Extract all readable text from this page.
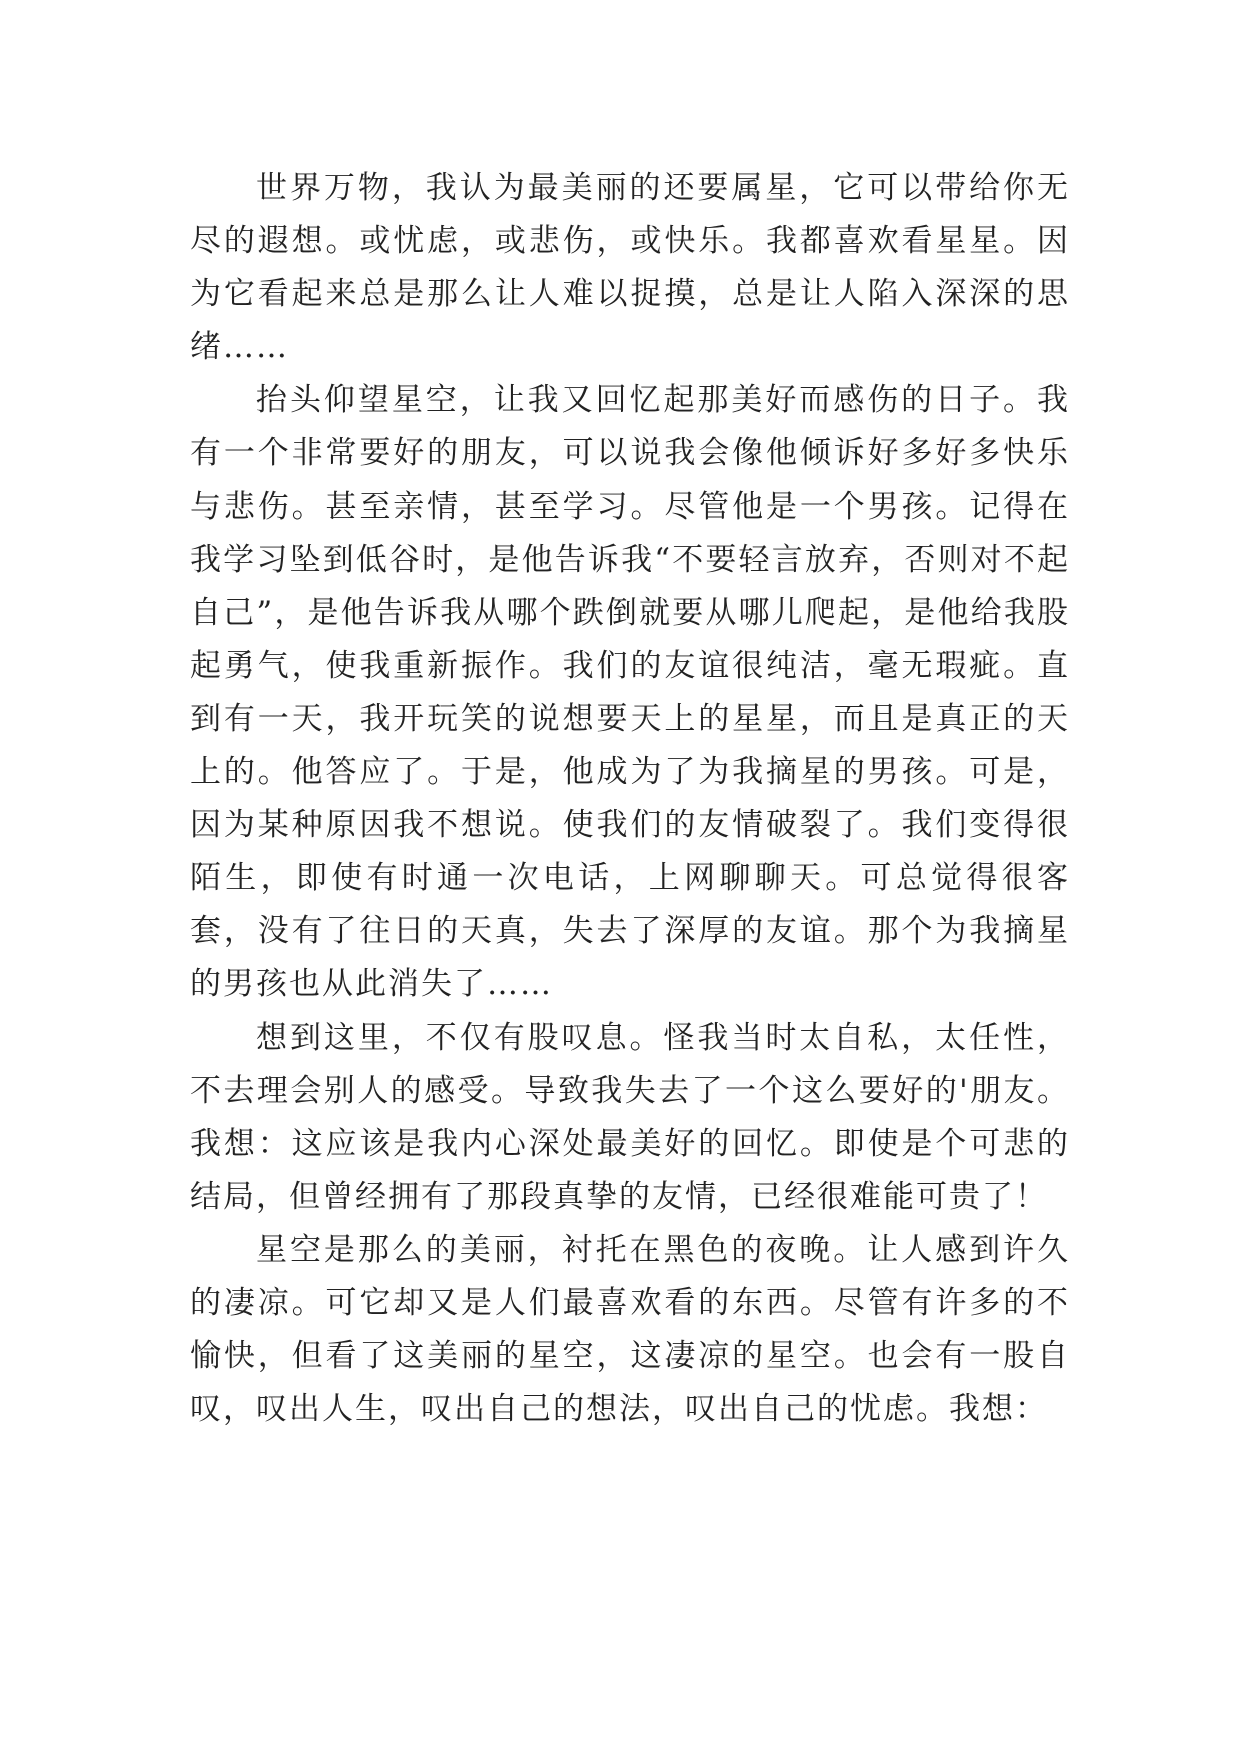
世界万物，我认为最美丽的还要属星，它可以带给你无尽的遐想。或忧虑，或悲伤，或快乐。我都喜欢看星星。因为它看起来总是那么让人难以捉摸，总是让人陷入深深的思绪……

抬头仰望星空，让我又回忆起那美好而感伤的日子。我有一个非常要好的朋友，可以说我会像他倾诉好多好多快乐与悲伤。甚至亲情，甚至学习。尽管他是一个男孩。记得在我学习坠到低谷时，是他告诉我“不要轻言放弃，否则对不起自己”，是他告诉我从哪个跌倒就要从哪儿爬起，是他给我股起勇气，使我重新振作。我们的友谊很纯洁，毫无瑕疵。直到有一天，我开玩笑的说想要天上的星星，而且是真正的天上的。他答应了。于是，他成为了为我摘星的男孩。可是，因为某种原因我不想说。使我们的友情破裂了。我们变得很陌生，即使有时通一次电话，上网聊聊天。可总觉得很客套，没有了往日的天真，失去了深厚的友谊。那个为我摘星的男孩也从此消失了……

想到这里，不仅有股叹息。怪我当时太自私，太任性，不去理会别人的感受。导致我失去了一个这么要好的'朋友。我想：这应该是我内心深处最美好的回忆。即使是个可悲的结局，但曾经拥有了那段真挚的友情，已经很难能可贵了！

星空是那么的美丽，衬托在黑色的夜晚。让人感到许久的凄凉。可它却又是人们最喜欢看的东西。尽管有许多的不愉快，但看了这美丽的星空，这凄凉的星空。也会有一股自叹，叹出人生，叹出自己的想法，叹出自己的忧虑。我想：
